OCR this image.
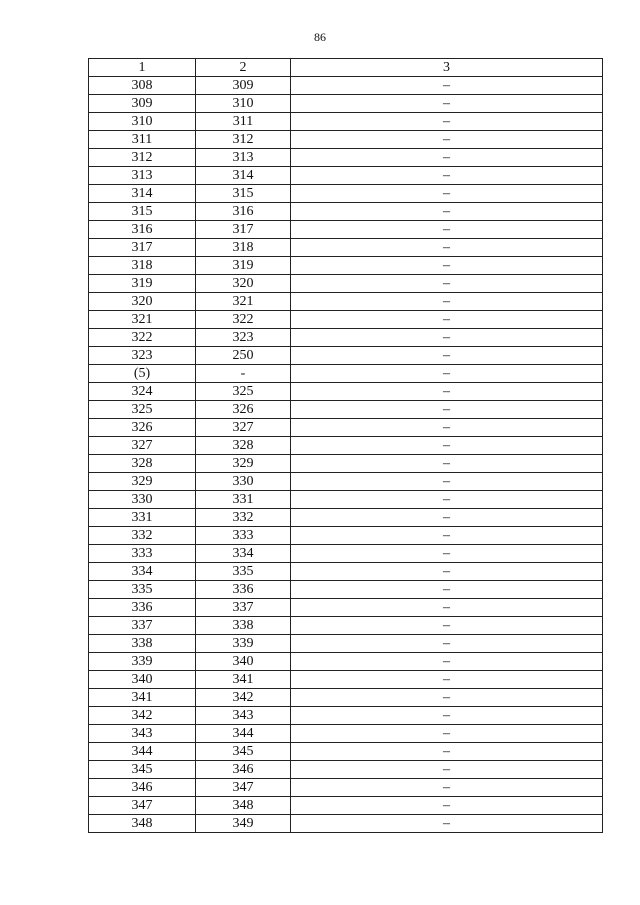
86
1	2	3
308	309	–
309	310	–
310	311	–
311	312	–
312	313	–
313	314	–
314	315	–
315	316	–
316	317	–
317	318	–
318	319	–
319	320	–
320	321	–
321	322	–
322	323	–
323	250	–
(5)	-	–
324	325	–
325	326	–
326	327	–
327	328	–
328	329	–
329	330	–
330	331	–
331	332	–
332	333	–
333	334	–
334	335	–
335	336	–
336	337	–
337	338	–
338	339	–
339	340	–
340	341	–
341	342	–
342	343	–
343	344	–
344	345	–
345	346	–
346	347	–
347	348	–
348	349	–
